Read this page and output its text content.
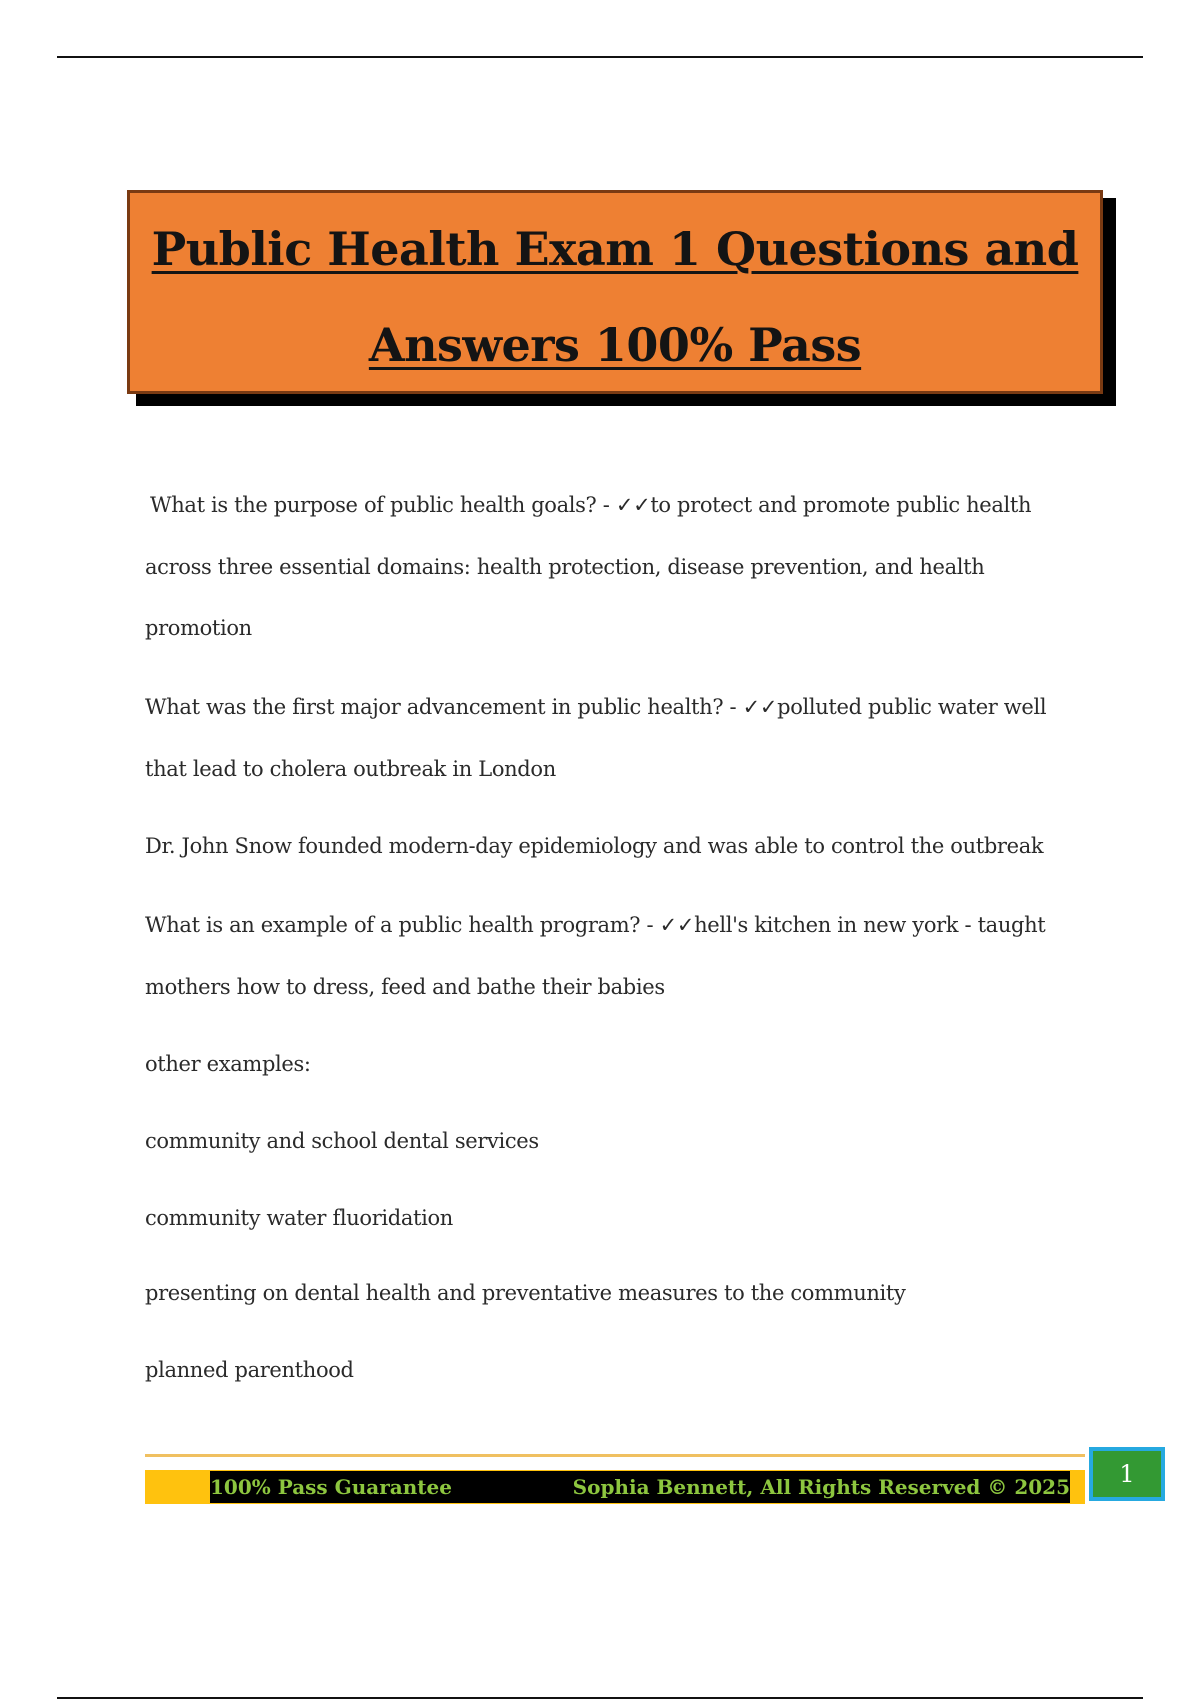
Public Health Exam 1 Questions and
Answers 100% Pass
What is the purpose of public health goals? - ✓✓to protect and promote public health
across three essential domains: health protection, disease prevention, and health
promotion
What was the first major advancement in public health? - ✓✓polluted public water well
that lead to cholera outbreak in London
Dr. John Snow founded modern-day epidemiology and was able to control the outbreak
What is an example of a public health program? - ✓✓hell's kitchen in new york - taught
mothers how to dress, feed and bathe their babies
other examples:
community and school dental services
community water fluoridation
presenting on dental health and preventative measures to the community
planned parenthood
100% Pass Guarantee	Sophia Bennett, All Rights Reserved © 2025	1
